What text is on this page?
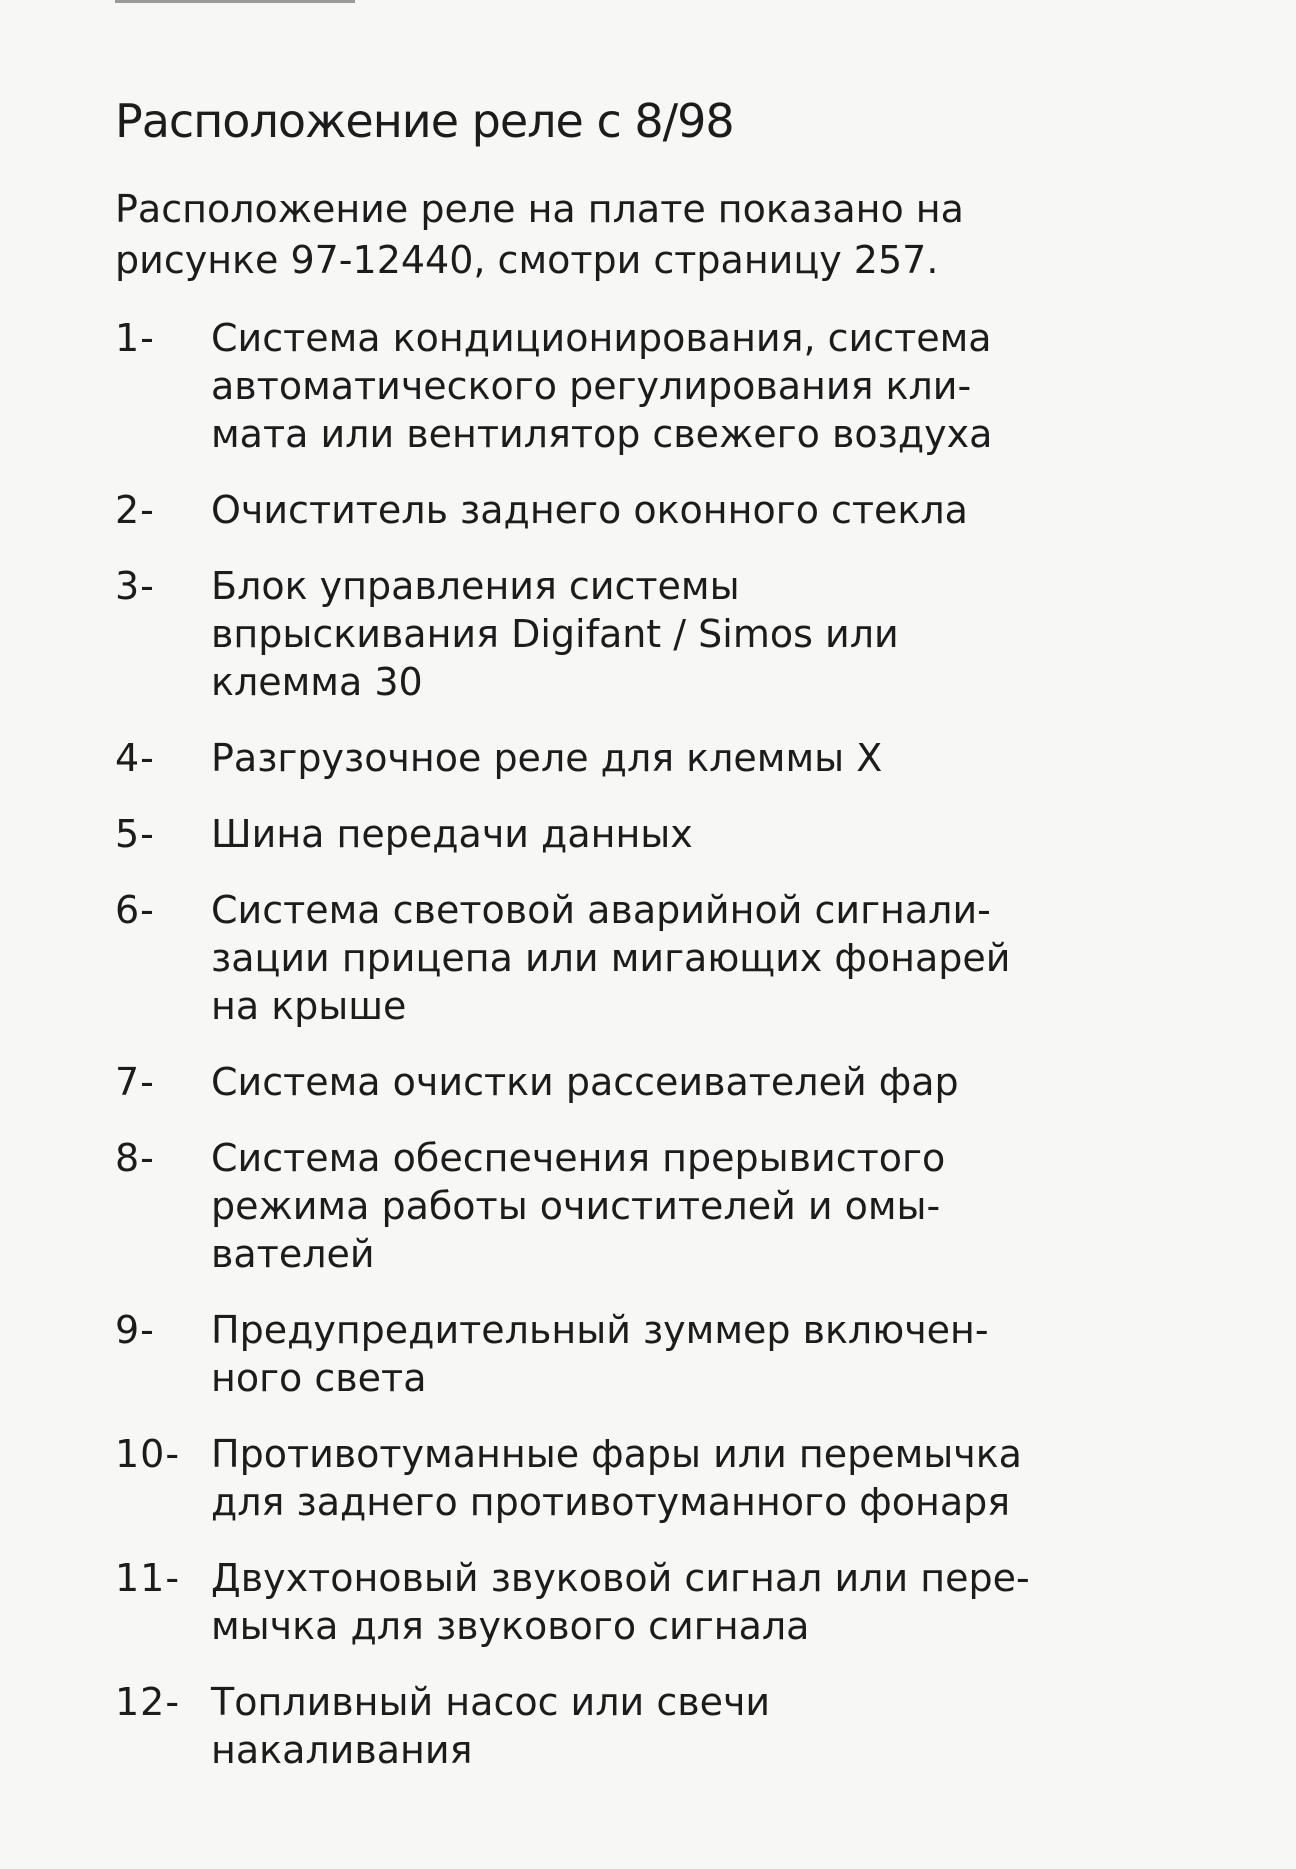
Расположение реле с 8/98

Расположение реле на плате показано на рисунке 97-12440, смотри страницу 257.

1-	Система кондиционирования, система автоматического регулирования кли-мата или вентилятор свежего воздуха
2-	Очиститель заднего оконного стекла
3-	Блок управления системы впрыскивания Digifant / Simos или клемма 30
4-	Разгрузочное реле для клеммы X
5-	Шина передачи данных
6-	Система световой аварийной сигнали-зации прицепа или мигающих фонарей на крыше
7-	Система очистки рассеивателей фар
8-	Система обеспечения прерывистого режима работы очистителей и омы-вателей
9-	Предупредительный зуммер включен-ного света
10- Противотуманные фары или перемычка для заднего противотуманного фонаря
11- Двухтоновый звуковой сигнал или пере-мычка для звукового сигнала
12- Топливный насос или свечи накаливания
